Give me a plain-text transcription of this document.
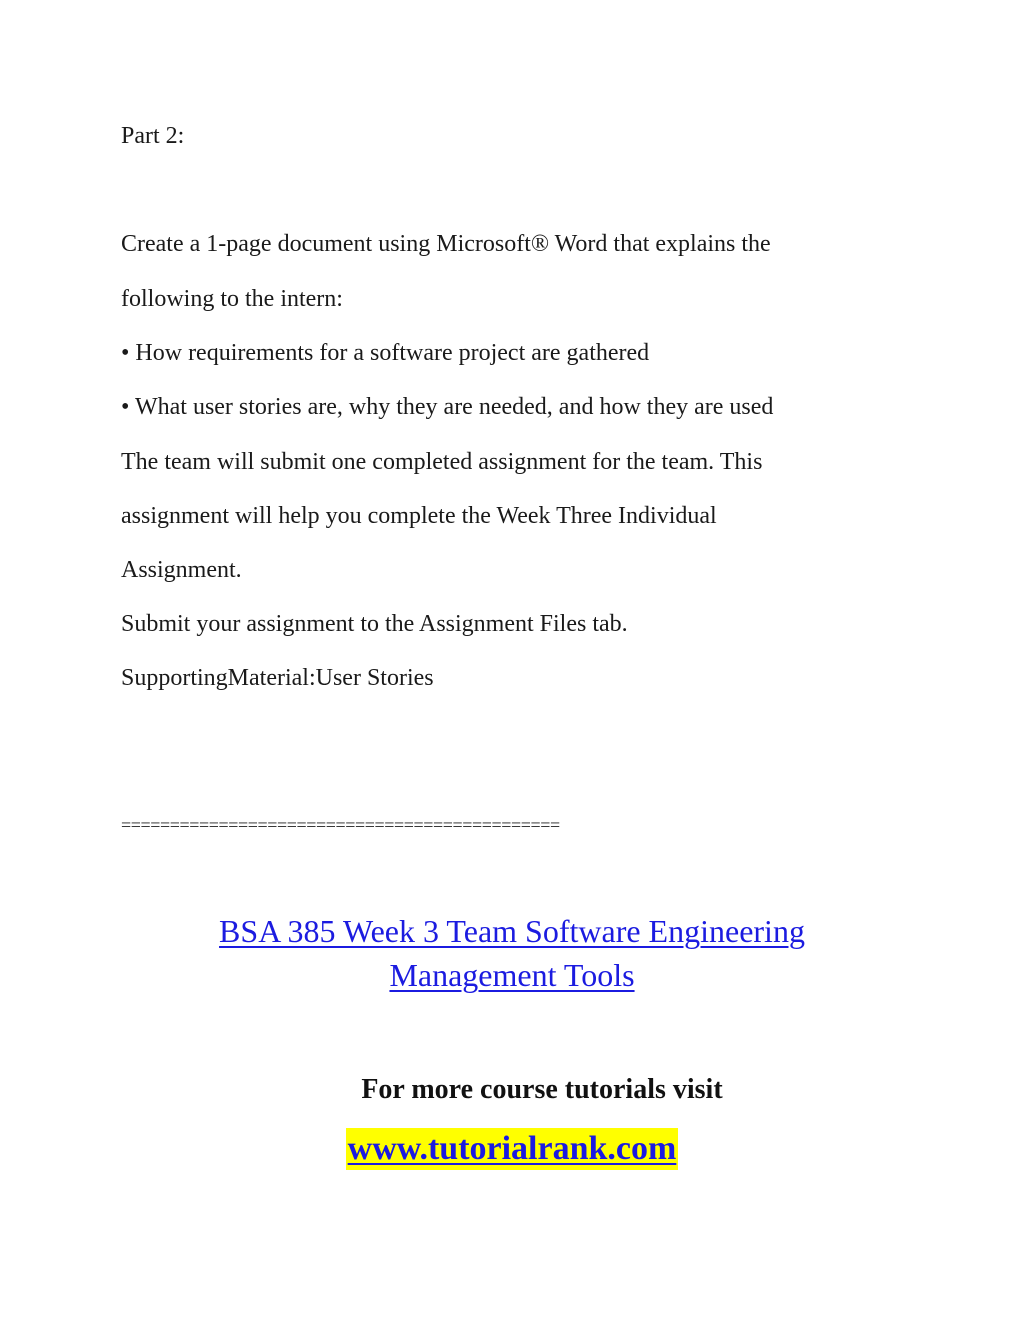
Part 2:
Create a 1-page document using Microsoft® Word that explains the
following to the intern:
• How requirements for a software project are gathered
• What user stories are, why they are needed, and how they are used
The team will submit one completed assignment for the team. This
assignment will help you complete the Week Three Individual
Assignment.
Submit your assignment to the Assignment Files tab.
SupportingMaterial:User Stories
=============================================
BSA 385 Week 3 Team Software Engineering
Management Tools
For more course tutorials visit
www.tutorialrank.com
